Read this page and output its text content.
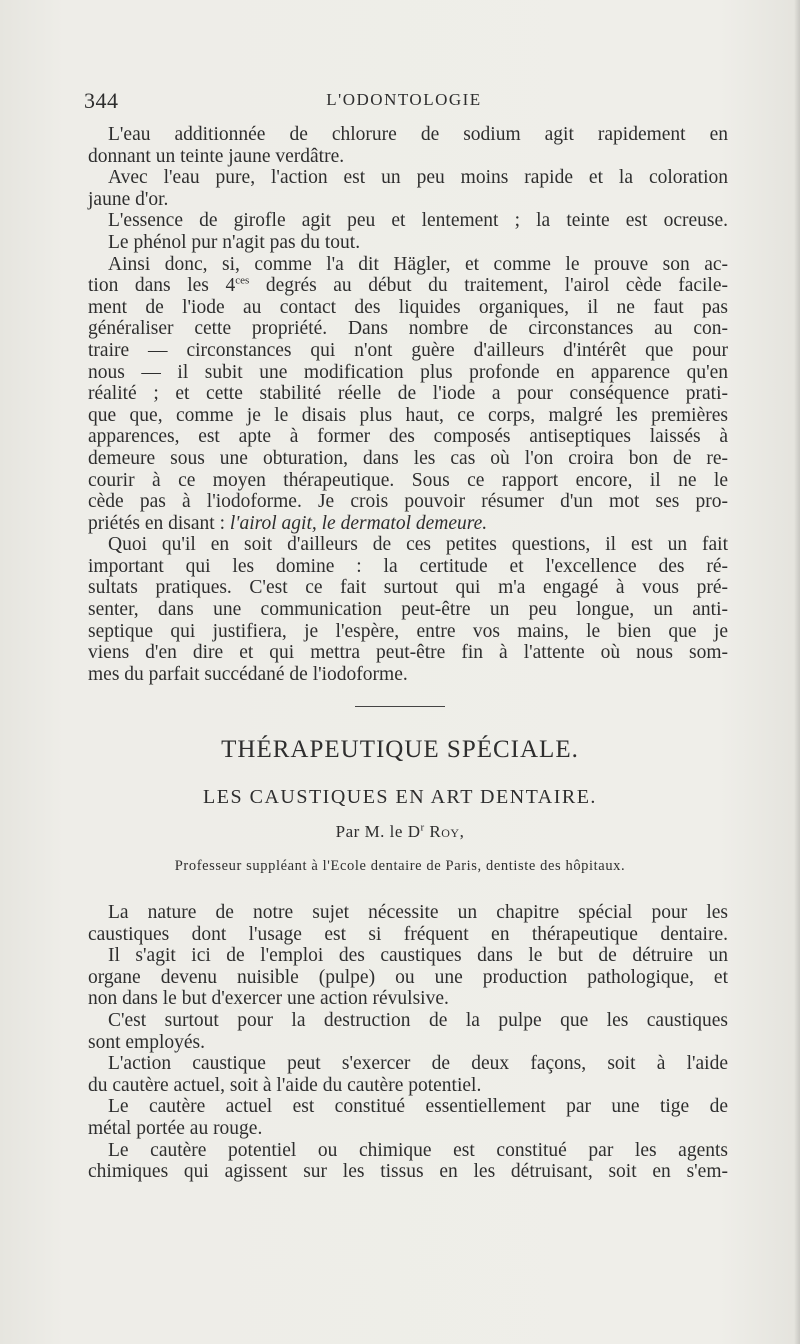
344	L'ODONTOLOGIE
L'eau additionnée de chlorure de sodium agit rapidement en
donnant un teinte jaune verdâtre.
Avec l'eau pure, l'action est un peu moins rapide et la coloration
jaune d'or.
L'essence de girofle agit peu et lentement ; la teinte est ocreuse.
Le phénol pur n'agit pas du tout.
Ainsi donc, si, comme l'a dit Hägler, et comme le prouve son ac-
tion dans les $4^{ces}$ degrés au début du traitement, l'airol cède facile-
ment de l'iode au contact des liquides organiques, il ne faut pas
généraliser cette propriété. Dans nombre de circonstances au con-
traire — circonstances qui n'ont guère d'ailleurs d'intérêt que pour
nous — il subit une modification plus profonde en apparence qu'en
réalité ; et cette stabilité réelle de l'iode a pour conséquence prati-
que que, comme je le disais plus haut, ce corps, malgré les premières
apparences, est apte à former des composés antiseptiques laissés à
demeure sous une obturation, dans les cas où l'on croira bon de re-
courir à ce moyen thérapeutique. Sous ce rapport encore, il ne le
cède pas à l'iodoforme. Je crois pouvoir résumer d'un mot ses pro-
priétés en disant : l'airol agit, le dermatol demeure.
Quoi qu'il en soit d'ailleurs de ces petites questions, il est un fait
important qui les domine : la certitude et l'excellence des ré-
sultats pratiques. C'est ce fait surtout qui m'a engagé à vous pré-
senter, dans une communication peut-être un peu longue, un anti-
septique qui justifiera, je l'espère, entre vos mains, le bien que je
viens d'en dire et qui mettra peut-être fin à l'attente où nous som-
mes du parfait succédané de l'iodoforme.
THÉRAPEUTIQUE SPÉCIALE.
LES CAUSTIQUES EN ART DENTAIRE.
Par M. le $D^r$ Roy,
Professeur suppléant à l'Ecole dentaire de Paris, dentiste des hôpitaux.
La nature de notre sujet nécessite un chapitre spécial pour les
caustiques dont l'usage est si fréquent en thérapeutique dentaire.
Il s'agit ici de l'emploi des caustiques dans le but de détruire un
organe devenu nuisible (pulpe) ou une production pathologique, et
non dans le but d'exercer une action révulsive.
C'est surtout pour la destruction de la pulpe que les caustiques
sont employés.
L'action caustique peut s'exercer de deux façons, soit à l'aide
du cautère actuel, soit à l'aide du cautère potentiel.
Le cautère actuel est constitué essentiellement par une tige de
métal portée au rouge.
Le cautère potentiel ou chimique est constitué par les agents
chimiques qui agissent sur les tissus en les détruisant, soit en s'em-
